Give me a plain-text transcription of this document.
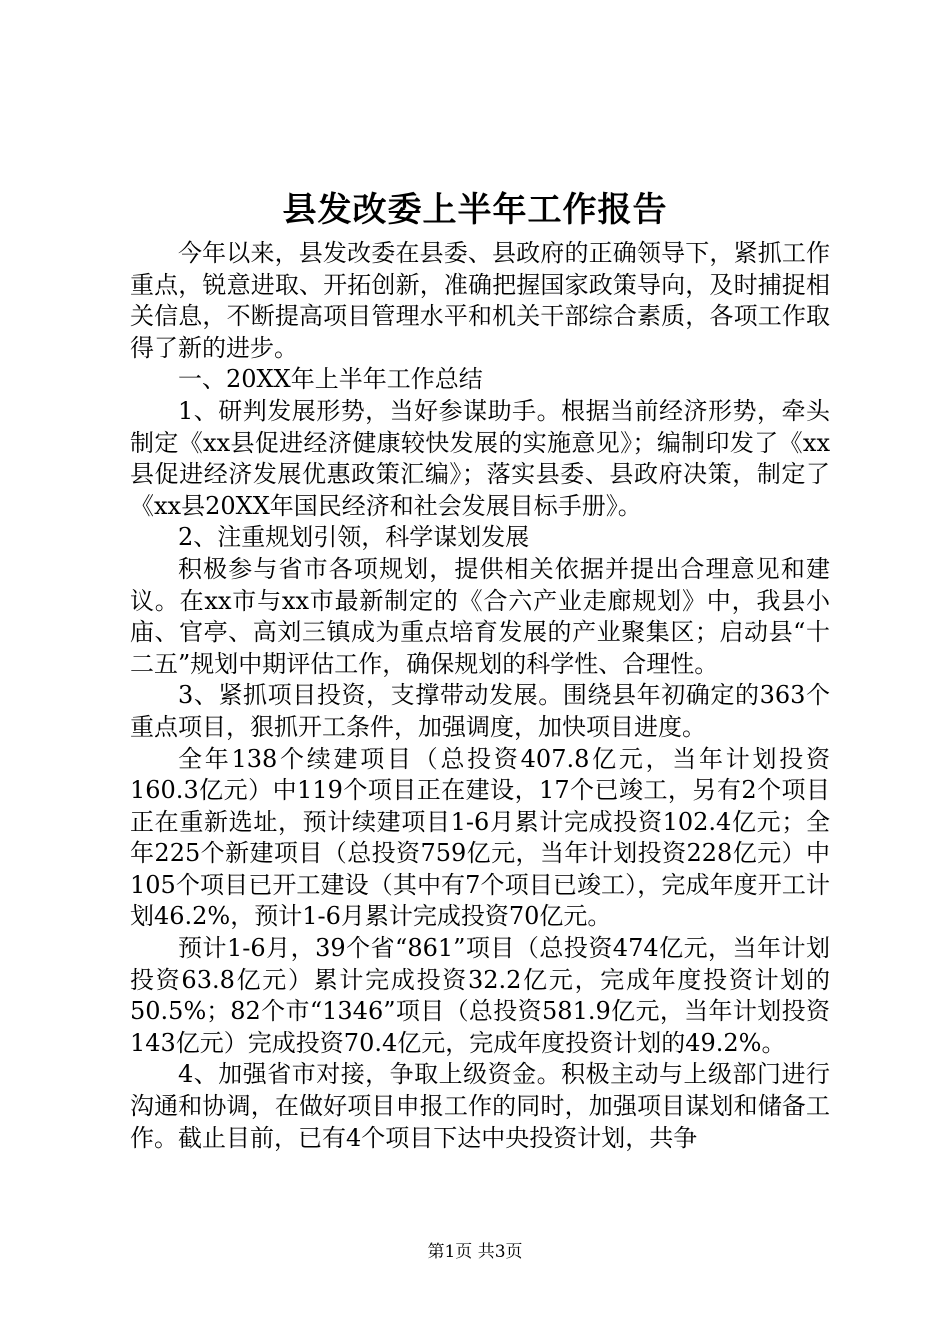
县发改委上半年工作报告

今年以来，县发改委在县委、县政府的正确领导下，紧抓工作重点，锐意进取、开拓创新，准确把握国家政策导向，及时捕捉相关信息，不断提高项目管理水平和机关干部综合素质，各项工作取得了新的进步。

一、20XX年上半年工作总结

1、研判发展形势，当好参谋助手。根据当前经济形势，牵头制定《xx县促进经济健康较快发展的实施意见》；编制印发了《xx县促进经济发展优惠政策汇编》；落实县委、县政府决策，制定了《xx县20XX年国民经济和社会发展目标手册》。

2、注重规划引领，科学谋划发展

积极参与省市各项规划，提供相关依据并提出合理意见和建议。在xx市与xx市最新制定的《合六产业走廊规划》中，我县小庙、官亭、高刘三镇成为重点培育发展的产业聚集区；启动县“十二五”规划中期评估工作，确保规划的科学性、合理性。

3、紧抓项目投资，支撑带动发展。围绕县年初确定的363个重点项目，狠抓开工条件，加强调度，加快项目进度。

全年138个续建项目（总投资407.8亿元，当年计划投资160.3亿元）中119个项目正在建设，17个已竣工，另有2个项目正在重新选址，预计续建项目1-6月累计完成投资102.4亿元；全年225个新建项目（总投资759亿元，当年计划投资228亿元）中105个项目已开工建设（其中有7个项目已竣工），完成年度开工计划46.2%，预计1-6月累计完成投资70亿元。

预计1-6月，39个省“861”项目（总投资474亿元，当年计划投资63.8亿元）累计完成投资32.2亿元，完成年度投资计划的50.5%；82个市“1346”项目（总投资581.9亿元，当年计划投资143亿元）完成投资70.4亿元，完成年度投资计划的49.2%。

4、加强省市对接，争取上级资金。积极主动与上级部门进行沟通和协调，在做好项目申报工作的同时，加强项目谋划和储备工作。截止目前，已有4个项目下达中央投资计划，共争

第1页 共3页
